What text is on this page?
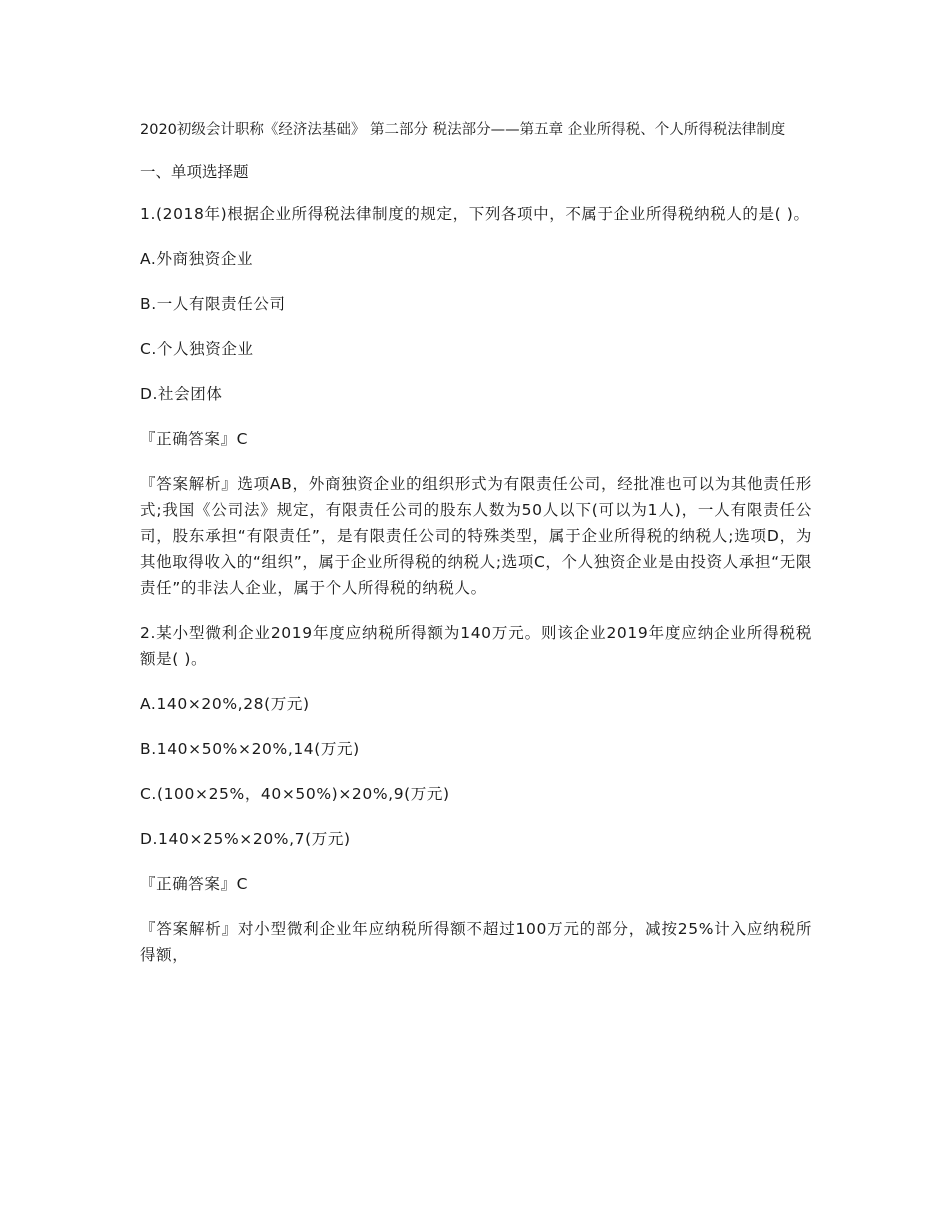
2020初级会计职称《经济法基础》 第二部分 税法部分——第五章 企业所得税、个人所得税法律制度
一、单项选择题
1.(2018年)根据企业所得税法律制度的规定，下列各项中，不属于企业所得税纳税人的是( )。
A.外商独资企业
B.一人有限责任公司
C.个人独资企业
D.社会团体
『正确答案』C
『答案解析』选项AB，外商独资企业的组织形式为有限责任公司，经批准也可以为其他责任形式;我国《公司法》规定，有限责任公司的股东人数为50人以下(可以为1人)，一人有限责任公司，股东承担“有限责任”，是有限责任公司的特殊类型，属于企业所得税的纳税人;选项D，为其他取得收入的“组织”，属于企业所得税的纳税人;选项C，个人独资企业是由投资人承担“无限责任”的非法人企业，属于个人所得税的纳税人。
2.某小型微利企业2019年度应纳税所得额为140万元。则该企业2019年度应纳企业所得税税额是( )。
A.140×20%,28(万元)
B.140×50%×20%,14(万元)
C.(100×25%，40×50%)×20%,9(万元)
D.140×25%×20%,7(万元)
『正确答案』C
『答案解析』对小型微利企业年应纳税所得额不超过100万元的部分，减按25%计入应纳税所得额，
